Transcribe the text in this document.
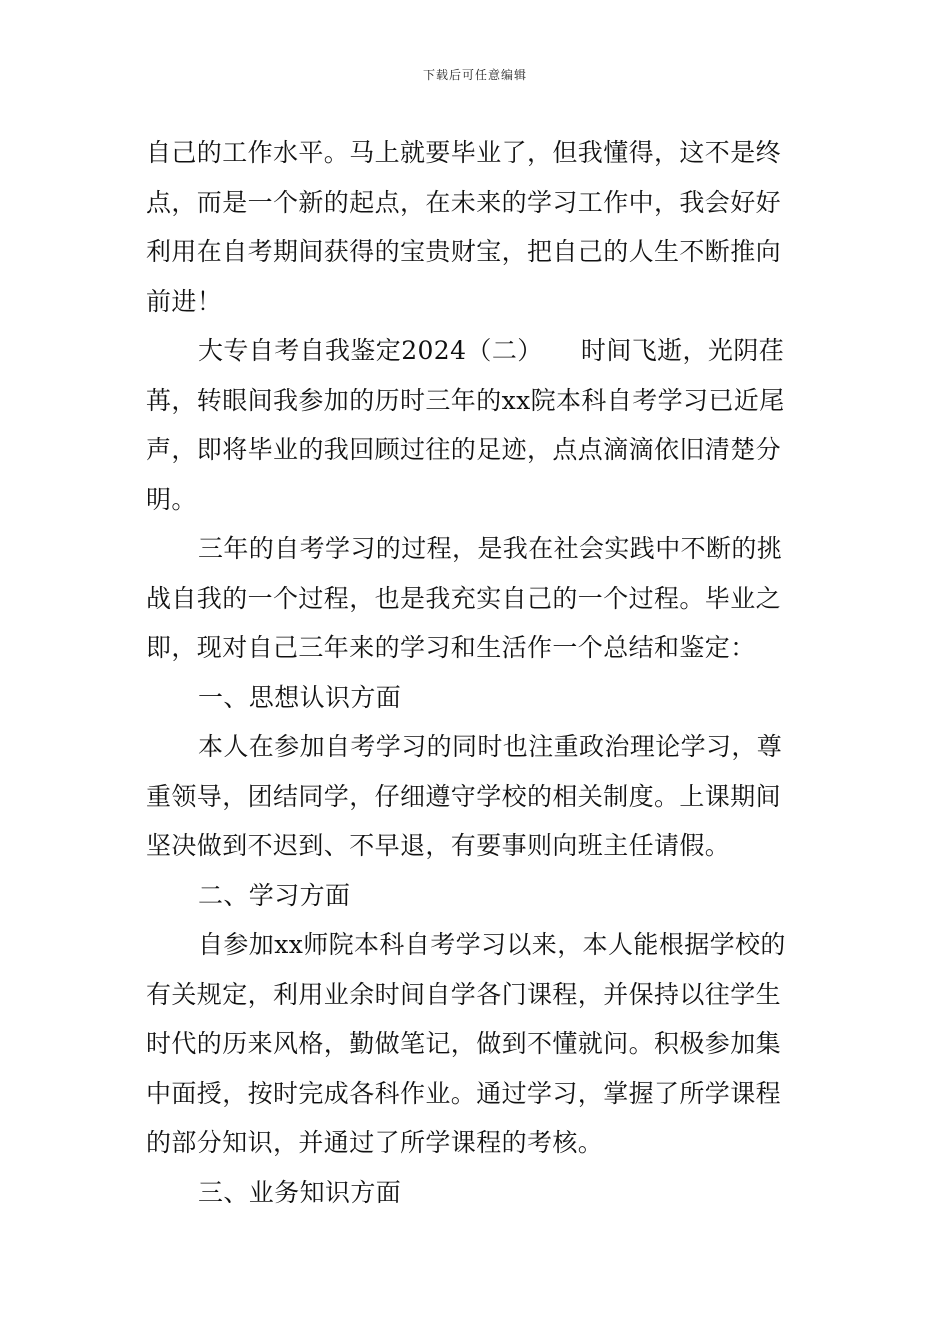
下载后可任意编辑
自己的工作水平。马上就要毕业了，但我懂得，这不是终
点，而是一个新的起点，在未来的学习工作中，我会好好
利用在自考期间获得的宝贵财宝，把自己的人生不断推向
前进！
大专自考自我鉴定2024（二）　　时间飞逝，光阴荏
苒，转眼间我参加的历时三年的xx院本科自考学习已近尾
声，即将毕业的我回顾过往的足迹，点点滴滴依旧清楚分
明。
三年的自考学习的过程，是我在社会实践中不断的挑
战自我的一个过程，也是我充实自己的一个过程。毕业之
即，现对自己三年来的学习和生活作一个总结和鉴定：
一、思想认识方面
本人在参加自考学习的同时也注重政治理论学习，尊
重领导，团结同学，仔细遵守学校的相关制度。上课期间
坚决做到不迟到、不早退，有要事则向班主任请假。
二、学习方面
自参加xx师院本科自考学习以来，本人能根据学校的
有关规定，利用业余时间自学各门课程，并保持以往学生
时代的历来风格，勤做笔记，做到不懂就问。积极参加集
中面授，按时完成各科作业。通过学习，掌握了所学课程
的部分知识，并通过了所学课程的考核。
三、业务知识方面
